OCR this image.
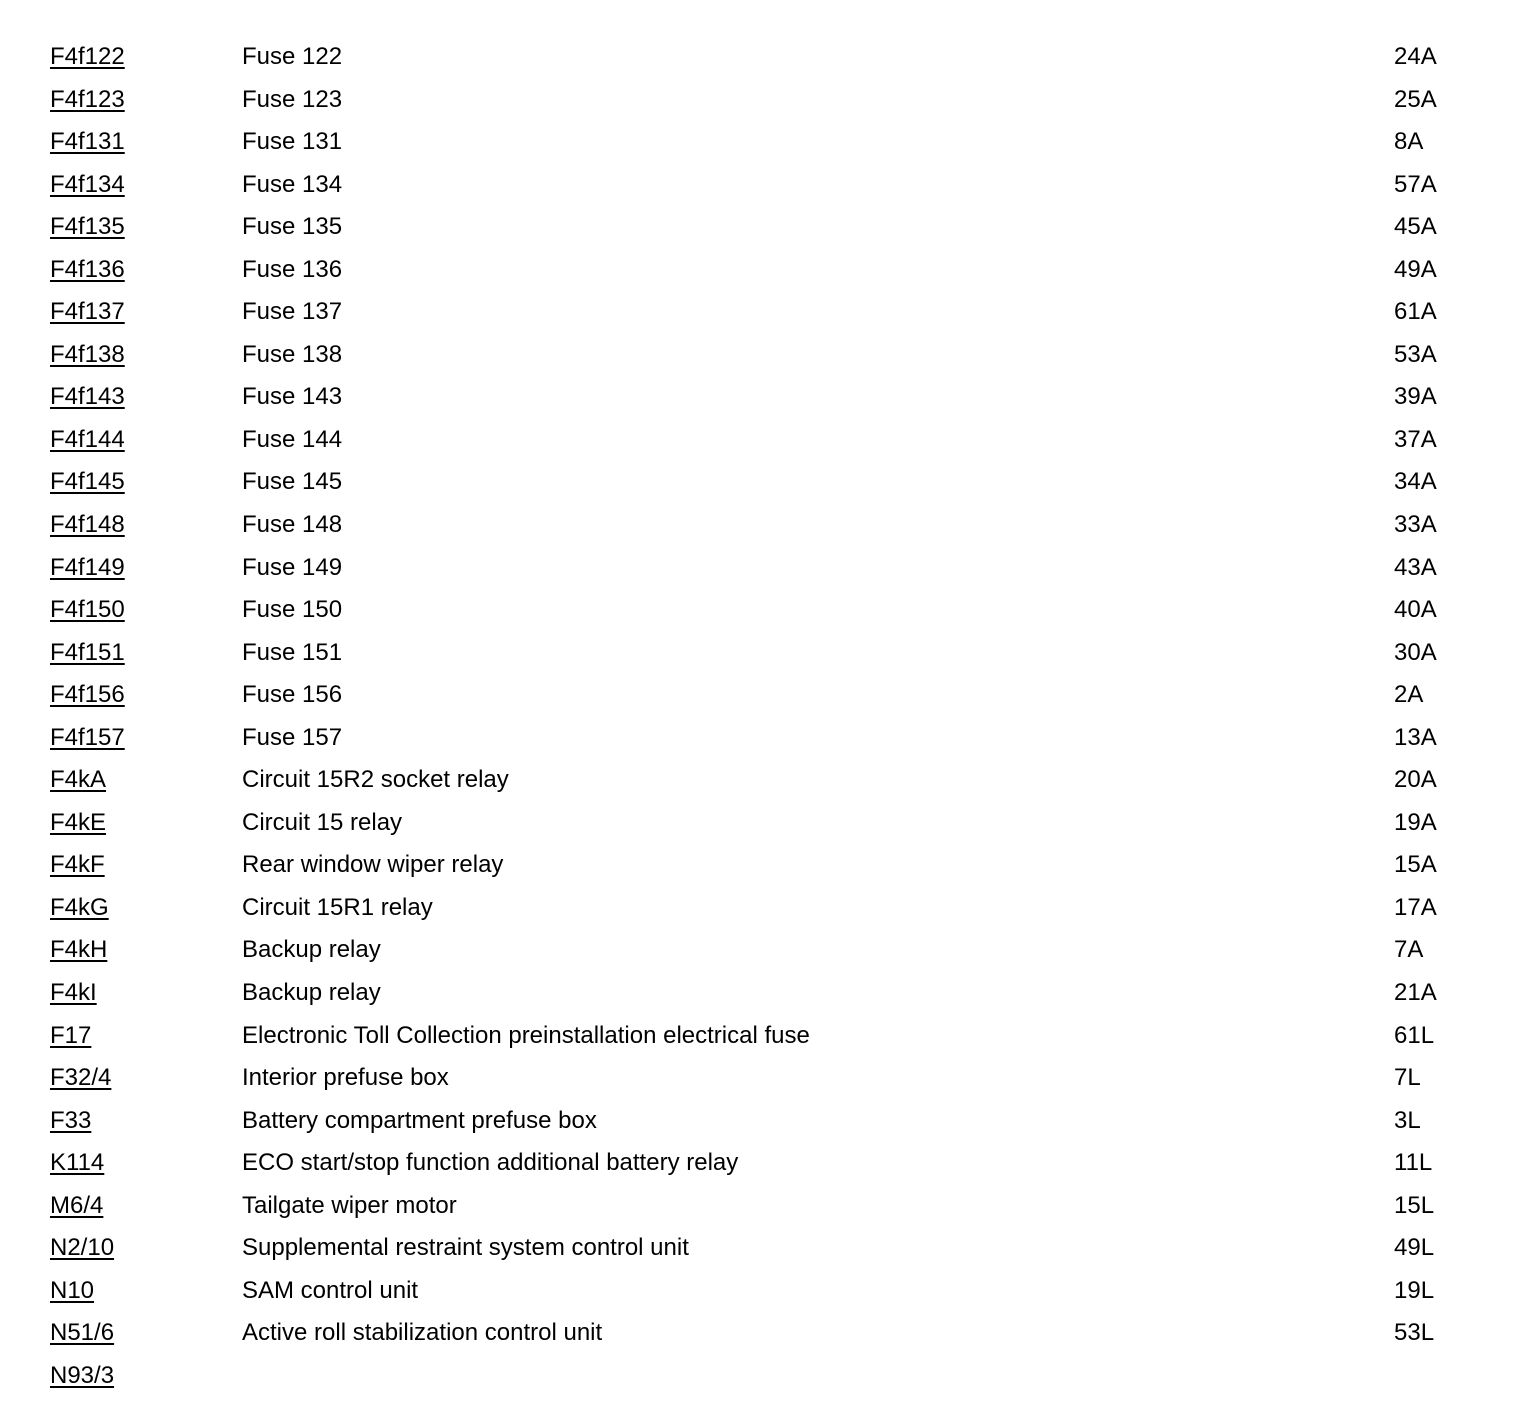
F4f122	Fuse 122	24A
F4f123	Fuse 123	25A
F4f131	Fuse 131	8A
F4f134	Fuse 134	57A
F4f135	Fuse 135	45A
F4f136	Fuse 136	49A
F4f137	Fuse 137	61A
F4f138	Fuse 138	53A
F4f143	Fuse 143	39A
F4f144	Fuse 144	37A
F4f145	Fuse 145	34A
F4f148	Fuse 148	33A
F4f149	Fuse 149	43A
F4f150	Fuse 150	40A
F4f151	Fuse 151	30A
F4f156	Fuse 156	2A
F4f157	Fuse 157	13A
F4kA	Circuit 15R2 socket relay	20A
F4kE	Circuit 15 relay	19A
F4kF	Rear window wiper relay	15A
F4kG	Circuit 15R1 relay	17A
F4kH	Backup relay	7A
F4kI	Backup relay	21A
F17	Electronic Toll Collection preinstallation electrical fuse	61L
F32/4	Interior prefuse box	7L
F33	Battery compartment prefuse box	3L
K114	ECO start/stop function additional battery relay	11L
M6/4	Tailgate wiper motor	15L
N2/10	Supplemental restraint system control unit	49L
N10	SAM control unit	19L
N51/6	Active roll stabilization control unit	53L
N93/3
